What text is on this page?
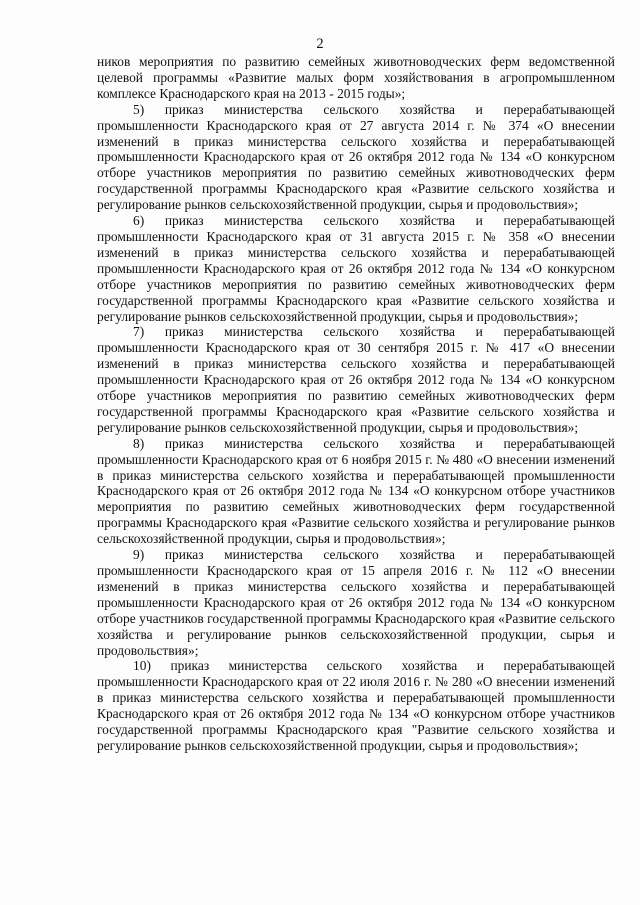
2

ников мероприятия по развитию семейных животноводческих ферм ведомственной целевой программы «Развитие малых форм хозяйствования в агропромышленном комплексе Краснодарского края на 2013 - 2015 годы»;

5) приказ министерства сельского хозяйства и перерабатывающей промышленности Краснодарского края от 27 августа 2014 г. № 374 «О внесении изменений в приказ министерства сельского хозяйства и перерабатывающей промышленности Краснодарского края от 26 октября 2012 года № 134 «О конкурсном отборе участников мероприятия по развитию семейных животноводческих ферм государственной программы Краснодарского края «Развитие сельского хозяйства и регулирование рынков сельскохозяйственной продукции, сырья и продовольствия»;

6) приказ министерства сельского хозяйства и перерабатывающей промышленности Краснодарского края от 31 августа 2015 г. № 358 «О внесении изменений в приказ министерства сельского хозяйства и перерабатывающей промышленности Краснодарского края от 26 октября 2012 года № 134 «О конкурсном отборе участников мероприятия по развитию семейных животноводческих ферм государственной программы Краснодарского края «Развитие сельского хозяйства и регулирование рынков сельскохозяйственной продукции, сырья и продовольствия»;

7) приказ министерства сельского хозяйства и перерабатывающей промышленности Краснодарского края от 30 сентября 2015 г. № 417 «О внесении изменений в приказ министерства сельского хозяйства и перерабатывающей промышленности Краснодарского края от 26 октября 2012 года № 134 «О конкурсном отборе участников мероприятия по развитию семейных животноводческих ферм государственной программы Краснодарского края «Развитие сельского хозяйства и регулирование рынков сельскохозяйственной продукции, сырья и продовольствия»;

8) приказ министерства сельского хозяйства и перерабатывающей промышленности Краснодарского края от 6 ноября 2015 г. № 480 «О внесении изменений в приказ министерства сельского хозяйства и перерабатывающей промышленности Краснодарского края от 26 октября 2012 года № 134 «О конкурсном отборе участников мероприятия по развитию семейных животноводческих ферм государственной программы Краснодарского края «Развитие сельского хозяйства и регулирование рынков сельскохозяйственной продукции, сырья и продовольствия»;

9) приказ министерства сельского хозяйства и перерабатывающей промышленности Краснодарского края от 15 апреля 2016 г. № 112 «О внесении изменений в приказ министерства сельского хозяйства и перерабатывающей промышленности Краснодарского края от 26 октября 2012 года № 134 «О конкурсном отборе участников государственной программы Краснодарского края «Развитие сельского хозяйства и регулирование рынков сельскохозяйственной продукции, сырья и продовольствия»;

10) приказ министерства сельского хозяйства и перерабатывающей промышленности Краснодарского края от 22 июля 2016 г. № 280 «О внесении изменений в приказ министерства сельского хозяйства и перерабатывающей промышленности Краснодарского края от 26 октября 2012 года № 134 «О конкурсном отборе участников государственной программы Краснодарского края "Развитие сельского хозяйства и регулирование рынков сельскохозяйственной продукции, сырья и продовольствия»;
